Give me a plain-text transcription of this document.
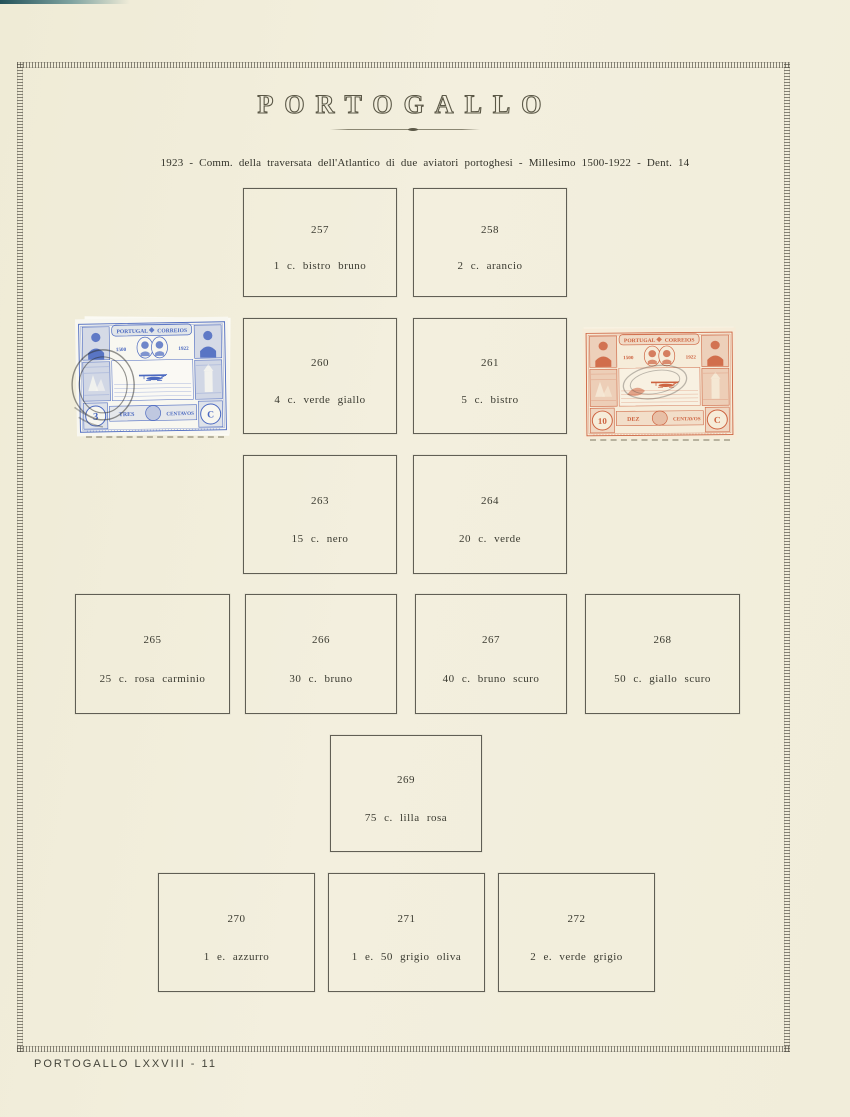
PORTOGALLO
1923 - Comm. della traversata dell'Atlantico di due aviatori portoghesi - Millesimo 1500-1922 - Dent. 14
257
1 c. bistro bruno
258
2 c. arancio
260
4 c. verde giallo
261
5 c. bistro
263
15 c. nero
264
20 c. verde
265
25 c. rosa carminio
266
30 c. bruno
267
40 c. bruno scuro
268
50 c. giallo scuro
269
75 c. lilla rosa
270
1 e. azzurro
271
1 e. 50 grigio oliva
272
2 e. verde grigio
PORTUGAL CORREIOS
1500	1922
3	C
TRES	CENTAVOS
PORTUGAL CORREIOS
1500	1922
10	C
DEZ	CENTAVOS
PORTOGALLO LXXVIII - 11
